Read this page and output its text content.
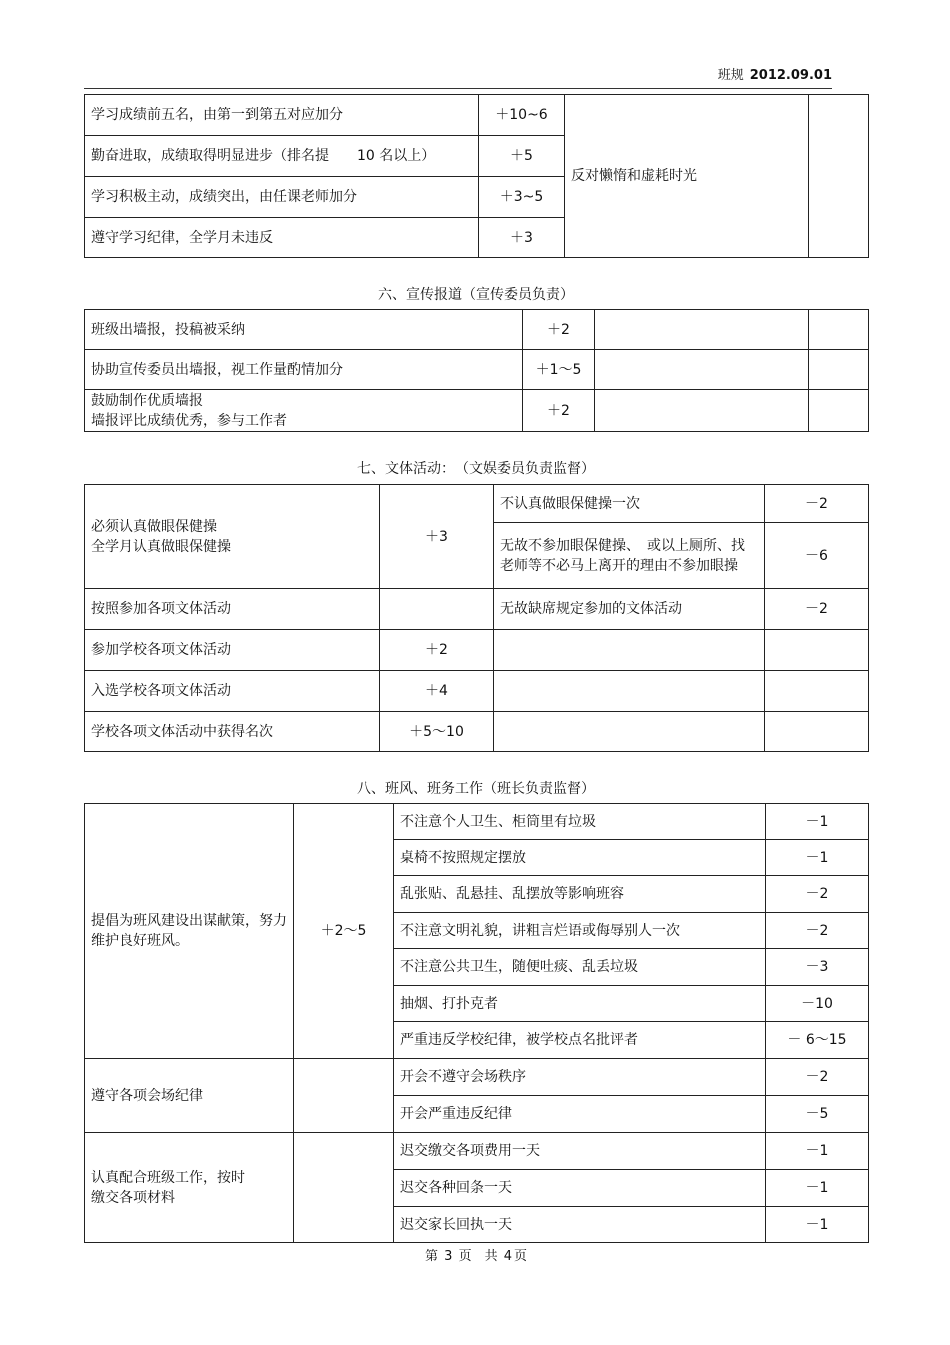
班规 2012.09.01
学习成绩前五名，由第一到第五对应加分	＋10~6	反对懒惰和虚耗时光	
勤奋进取，成绩取得明显进步（排名提　　10 名以上）	＋5		
学习积极主动，成绩突出，由任课老师加分	＋3~5		
遵守学习纪律，全学月未违反	＋3		
六、宣传报道（宣传委员负责）
班级出墙报，投稿被采纳	＋2		
协助宣传委员出墙报，视工作量酌情加分	＋1～5		

鼓励制作优质墙报
墙报评比成绩优秀，参与工作者	＋2		
七、文体活动：　（文娱委员负责监督）
必须认真做眼保健操
全学月认真做眼保健操	＋3	不认真做眼保健操一次	－2
		无故不参加眼保健操、　或以上厕所、找老师等不必马上离开的理由不参加眼操	－6
按照参加各项文体活动		无故缺席规定参加的文体活动	－2
参加学校各项文体活动	＋2		
入选学校各项文体活动	＋4		
学校各项文体活动中获得名次	＋5～10		
八、班风、班务工作（班长负责监督）
提倡为班风建设出谋献策，努力维护良好班风。	＋2～5	不注意个人卫生、柜筒里有垃圾	－1
		桌椅不按照规定摆放	－1
		乱张贴、乱悬挂、乱摆放等影响班容	－2
		不注意文明礼貌，讲粗言烂语或侮辱别人一次	－2
		不注意公共卫生，随便吐痰、乱丢垃圾	－3
		抽烟、打扑克者	－10
		严重违反学校纪律，被学校点名批评者	－ 6～15
遵守各项会场纪律		开会不遵守会场秩序	－2
		开会严重违反纪律	－5

认真配合班级工作，按时
缴交各项材料		迟交缴交各项费用一天	－1
		迟交各种回条一天	－1
		迟交家长回执一天	－1
第 3 页　共 4 页
